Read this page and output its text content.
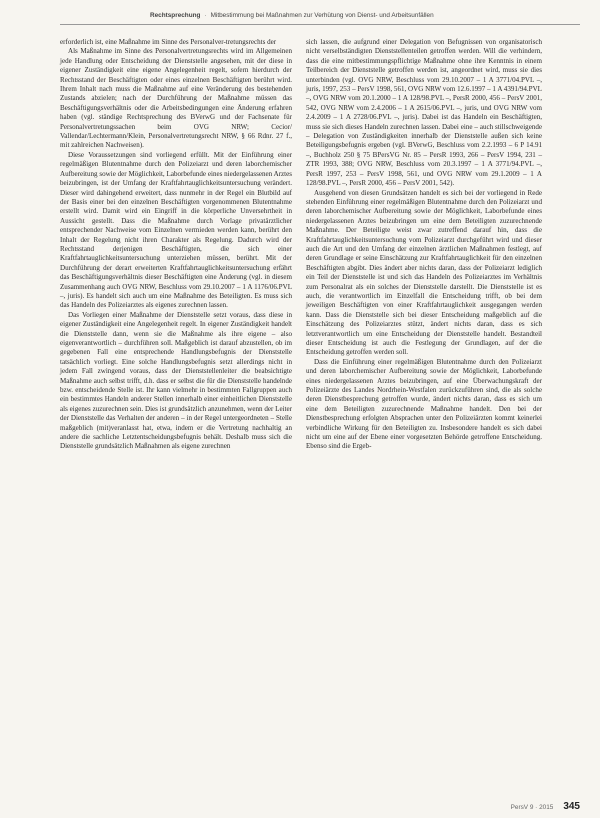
Rechtsprechung · Mitbestimmung bei Maßnahmen zur Verhütung von Dienst- und Arbeitsunfällen

erforderlich ist, eine Maßnahme im Sinne des Personalver-tretungsrechts der

Als Maßnahme im Sinne des Personalvertretungsrechts wird im Allgemeinen jede Handlung oder Entscheidung der Dienststelle angesehen, mit der diese in eigener Zuständigkeit eine eigene Angelegenheit regelt, sofern hierdurch der Rechtsstand der Beschäftigten oder eines einzelnen Beschäftigten berührt wird. Ihrem Inhalt nach muss die Maßnahme auf eine Veränderung des bestehenden Zustands abzielen; nach der Durchführung der Maßnahme müssen das Beschäftigungsverhältnis oder die Arbeitsbedingungen eine Änderung erfahren haben (vgl. ständige Rechtsprechung des BVerwG und der Fachsenate für Personalvertretungssachen beim OVG NRW; Cecior/ Vallendar/Lechtermann/Klein, Personalvertretungsrecht NRW, § 66 Rdnr. 27 f., mit zahlreichen Nachweisen).

Diese Voraussetzungen sind vorliegend erfüllt. Mit der Einführung einer regelmäßigen Blutentnahme durch den Polizeiarzt und deren laborchemischer Aufbereitung sowie der Möglichkeit, Laborbefunde eines niedergelassenen Arztes beizubringen, ist der Umfang der Kraftfahrtauglichkeitsuntersuchung verändert. Dieser wird dahingehend erweitert, dass nunmehr in der Regel ein Blutbild auf der Basis einer bei den einzelnen Beschäftigten vorgenommenen Blutentnahme erstellt wird. Damit wird ein Eingriff in die körperliche Unversehrtheit in Aussicht gestellt. Dass die Maßnahme durch Vorlage privatärztlicher entsprechender Nachweise vom Einzelnen vermieden werden kann, berührt den Inhalt der Regelung nicht ihren Charakter als Regelung. Dadurch wird der Rechtsstand derjenigen Beschäftigten, die sich einer Kraftfahrtauglichkeitsuntersuchung unterziehen müssen, berührt. Mit der Durchführung der derart erweiterten Kraftfahrtauglichkeitsuntersuchung erfährt das Beschäftigungsverhältnis dieser Beschäftigten eine Änderung (vgl. in diesem Zusammenhang auch OVG NRW, Beschluss vom 29.10.2007 – 1 A 1176/06.PVL –, juris). Es handelt sich auch um eine Maßnahme des Beteiligten. Es muss sich das Handeln des Polizeiarztes als eigenes zurechnen lassen.

Das Vorliegen einer Maßnahme der Dienststelle setzt voraus, dass diese in eigener Zuständigkeit eine Angelegenheit regelt. In eigener Zuständigkeit handelt die Dienststelle dann, wenn sie die Maßnahme als ihre eigene – also eigenverantwortlich – durchführen soll. Maßgeblich ist darauf abzustellen, ob im gegebenen Fall eine entsprechende Handlungsbefugnis der Dienststelle tatsächlich vorliegt. Eine solche Handlungsbefugnis setzt allerdings nicht in jedem Fall zwingend voraus, dass der Dienststellenleiter die beabsichtigte Maßnahme auch selbst trifft, d.h. dass er selbst die für die Dienststelle handelnde bzw. entscheidende Stelle ist. Ihr kann vielmehr in bestimmten Fallgruppen auch ein bestimmtes Handeln anderer Stellen innerhalb einer einheitlichen Dienststelle als eigenes zuzurechnen sein. Dies ist grundsätzlich anzunehmen, wenn der Leiter der Dienststelle das Verhalten der anderen – in der Regel untergeordneten – Stelle maßgeblich (mit)veranlasst hat, etwa, indem er die Vertretung nachhaltig an andere die sachliche Letztentscheidungsbefugnis behält. Deshalb muss sich die Dienststelle grundsätzlich Maßnahmen als eigene zurechnen

sich lassen, die aufgrund einer Delegation von Befugnissen von organisatorisch nicht verselbständigten Dienststellenteilen getroffen werden. Will die verhindern, dass die eine mitbestimmungspflichtige Maßnahme ohne ihre Kenntnis in einem Teilbereich der Dienststelle getroffen werden ist, angeordnet wird, muss sie dies unterbinden (vgl. OVG NRW, Beschluss vom 29.10.2007 – 1 A 3771/04.PVL –, juris, 1997, 253 – PersV 1998, 561, OVG NRW vom 12.6.1997 – 1 A 4391/94.PVL –, OVG NRW vom 20.1.2000 – 1 A 128/98.PVL –, PersR 2000, 456 – PersV 2001, 542, OVG NRW vom 2.4.2006 – 1 A 2615/06.PVL –, juris, und OVG NRW vom 2.4.2009 – 1 A 2728/06.PVL –, juris). Dabei ist das Handeln ein Beschäftigten, muss sie sich dieses Handeln zurechnen lassen. Dabei eine – auch stillschweigende – Delegation von Zuständigkeiten innerhalb der Dienststelle außen sich keine Beteiligungsbefugnis ergeben (vgl. BVerwG, Beschluss vom 2.2.1993 – 6 P 14.91 –, Buchholz 250 § 75 BPersVG Nr. 85 – PersR 1993, 266 – PersV 1994, 231 – ZTR 1993, 388; OVG NRW, Beschluss vom 20.3.1997 – 1 A 3771/94.PVL –, PersR 1997, 253 – PersV 1998, 561, und OVG NRW vom 29.1.2009 – 1 A 128/98.PVL –, PersR 2000, 456 – PersV 2001, 542).

Ausgehend von diesen Grundsätzen handelt es sich bei der vorliegend in Rede stehenden Einführung einer regelmäßigen Blutentnahme durch den Polizeiarzt und deren laborchemischer Aufbereitung sowie der Möglichkeit, Laborbefunde eines niedergelassenen Arztes beizubringen um eine dem Beteiligten zuzurechnende Maßnahme. Der Beteiligte weist zwar zutreffend darauf hin, dass die Kraftfahrtauglichkeitsuntersuchung vom Polizeiarzt durchgeführt wird und dieser auch die Art und den Umfang der einzelnen ärztlichen Maßnahmen festlegt, auf deren Grundlage er seine Einschätzung zur Kraftfahrtauglichkeit für den einzelnen Beschäftigten abgibt. Dies ändert aber nichts daran, dass der Polizeiarzt lediglich ein Teil der Dienststelle ist und sich das Handeln des Polizeiarztes im Verhältnis zum Personalrat als ein solches der Dienststelle darstellt. Die Dienststelle ist es auch, die verantwortlich im Einzelfall die Entscheidung trifft, ob bei dem jeweiligen Beschäftigten von einer Kraftfahrtauglichkeit ausgegangen werden kann. Dass die Dienststelle sich bei dieser Entscheidung maßgeblich auf die Einschätzung des Polizeiarztes stützt, ändert nichts daran, dass es sich letztverantwortlich um eine Entscheidung der Dienststelle handelt. Bestandteil dieser Entscheidung ist auch die Festlegung der Grundlagen, auf der die Entscheidung getroffen werden soll.

Dass die Einführung einer regelmäßigen Blutentnahme durch den Polizeiarzt und deren laborchemischer Aufbereitung sowie der Möglichkeit, Laborbefunde eines niedergelassenen Arztes beizubringen, auf eine Überwachungskraft der Polizeiärzte des Landes Nordrhein-Westfalen zurückzuführen sind, die als solche deren Dienstbesprechung getroffen wurde, ändert nichts daran, dass es sich um eine dem Beteiligten zuzurechnende Maßnahme handelt. Den bei der Dienstbesprechung erfolgten Absprachen unter den Polizeiärzten kommt keinerlei verbindliche Wirkung für den Beteiligten zu. Insbesondere handelt es sich dabei nicht um eine auf der Ebene einer vorgesetzten Behörde getroffene Entscheidung. Ebenso sind die Ergeb-

PersV 9 · 2015 345
